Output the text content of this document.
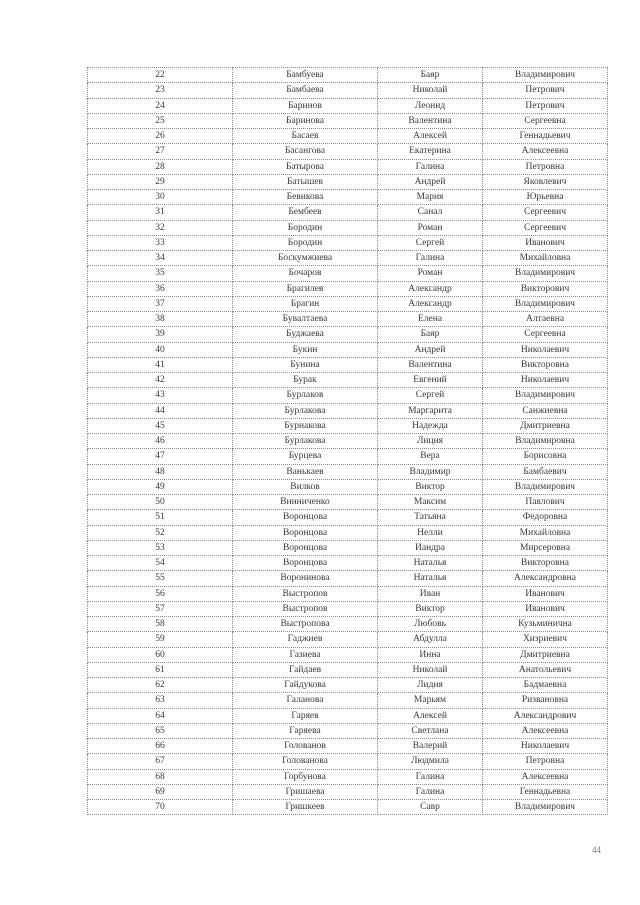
22	Бамбуева	Баяр	Владимирович
23	Бамбаева	Николай	Петрович
24	Баринов	Леонид	Петрович
25	Баринова	Валентина	Сергеевна
26	Басаев	Алексей	Геннадьевич
27	Басангова	Екатерина	Алексеевна
28	Батырова	Галина	Петровна
29	Батышев	Андрей	Яковлевич
30	Бевикова	Мария	Юрьевна
31	Бембеев	Санал	Сергеевич
32	Бородин	Роман	Сергеевич
33	Бородин	Сергей	Иванович
34	Боскумжиева	Галина	Михайловна
35	Бочаров	Роман	Владимирович
36	Брагилев	Александр	Викторович
37	Брагин	Александр	Владимирович
38	Бувалтаева	Елена	Алтаевна
39	Буджаева	Баяр	Сергеевна
40	Букин	Андрей	Николаевич
41	Бунина	Валентина	Викторовна
42	Бурак	Евгений	Николаевич
43	Бурлаков	Сергей	Владимирович
44	Бурлакова	Маргарита	Санжиевна
45	Бурнакова	Надежда	Дмитриевна
46	Бурлакова	Лиция	Владимировна
47	Бурцева	Вера	Борисовна
48	Ванькаев	Владимир	Бамбаевич
49	Вилков	Виктор	Владимирович
50	Винниченко	Максим	Павлович
51	Воронцова	Татьяна	Федоровна
52	Воронцова	Нелли	Михайловна
53	Воронцова	Иандра	Мирсеровна
54	Воронцова	Наталья	Викторовна
55	Воронинова	Наталья	Александровна
56	Выстропов	Иван	Иванович
57	Выстропов	Виктор	Иванович
58	Выстропова	Любовь	Кузьминична
59	Гаджиев	Абдулла	Хизриевич
60	Газиева	Инна	Дмитриевна
61	Гайдаев	Николай	Анатольевич
62	Гайдукова	Лидия	Бадмаевна
63	Галанова	Марьям	Ризвановна
64	Гаряев	Алексей	Александрович
65	Гаряева	Светлана	Алексеевна
66	Голованов	Валерий	Николаевич
67	Голованова	Людмила	Петровна
68	Горбунова	Галина	Алексеевна
69	Гришаева	Галина	Геннадьевна
70	Гришкеев	Савр	Владимирович
44
